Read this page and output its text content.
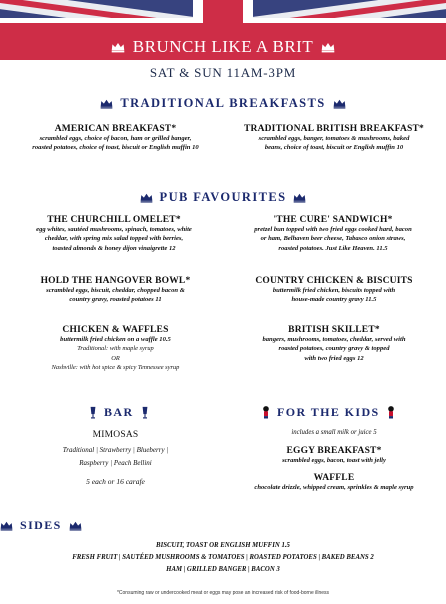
BRUNCH LIKE A BRIT
SAT & SUN 11AM-3PM
TRADITIONAL BREAKFASTS
AMERICAN BREAKFAST*
scrambled eggs, choice of bacon, ham or grilled banger,
roasted potatoes, choice of toast, biscuit or English muffin 10
TRADITIONAL BRITISH BREAKFAST*
scrambled eggs, banger, tomatoes & mushrooms, baked
beans, choice of toast, biscuit or English muffin 10
PUB FAVOURITES
THE CHURCHILL OMELET*
egg whites, sautéed mushrooms, spinach, tomatoes, white
cheddar, with spring mix salad topped with berries,
toasted almonds & honey dijon vinaigrette 12
'THE CURE' SANDWICH*
pretzel bun topped with two fried eggs cooked hard, bacon
or ham, Belhaven beer cheese, Tabasco onion straws,
roasted potatoes. Just Like Heaven. 11.5
HOLD THE HANGOVER BOWL*
scrambled eggs, biscuit, cheddar, chopped bacon &
country gravy, roasted potatoes 11
COUNTRY CHICKEN & BISCUITS
buttermilk fried chicken, biscuits topped with
house-made country gravy 11.5
CHICKEN & WAFFLES
buttermilk fried chicken on a waffle 10.5
Traditional: with maple syrup
OR
Nashville: with hot spice & spicy Tennessee syrup
BRITISH SKILLET*
bangers, mushrooms, tomatoes, cheddar, served with
roasted potatoes, country gravy & topped
with two fried eggs 12
BAR
MIMOSAS
Traditional | Strawberry | Blueberry |
Raspberry | Peach Bellini
5 each or 16 carafe
FOR THE KIDS
includes a small milk or juice 5
EGGY BREAKFAST*
scrambled eggs, bacon, toast with jelly
WAFFLE
chocolate drizzle, whipped cream, sprinkles & maple syrup
SIDES
BISCUIT, TOAST OR ENGLISH MUFFIN 1.5
FRESH FRUIT | SAUTÉED MUSHROOMS & TOMATOES | ROASTED POTATOES | BAKED BEANS 2
HAM | GRILLED BANGER | BACON 3
*Consuming raw or undercooked meat or eggs may pose an increased risk of food-borne illness
